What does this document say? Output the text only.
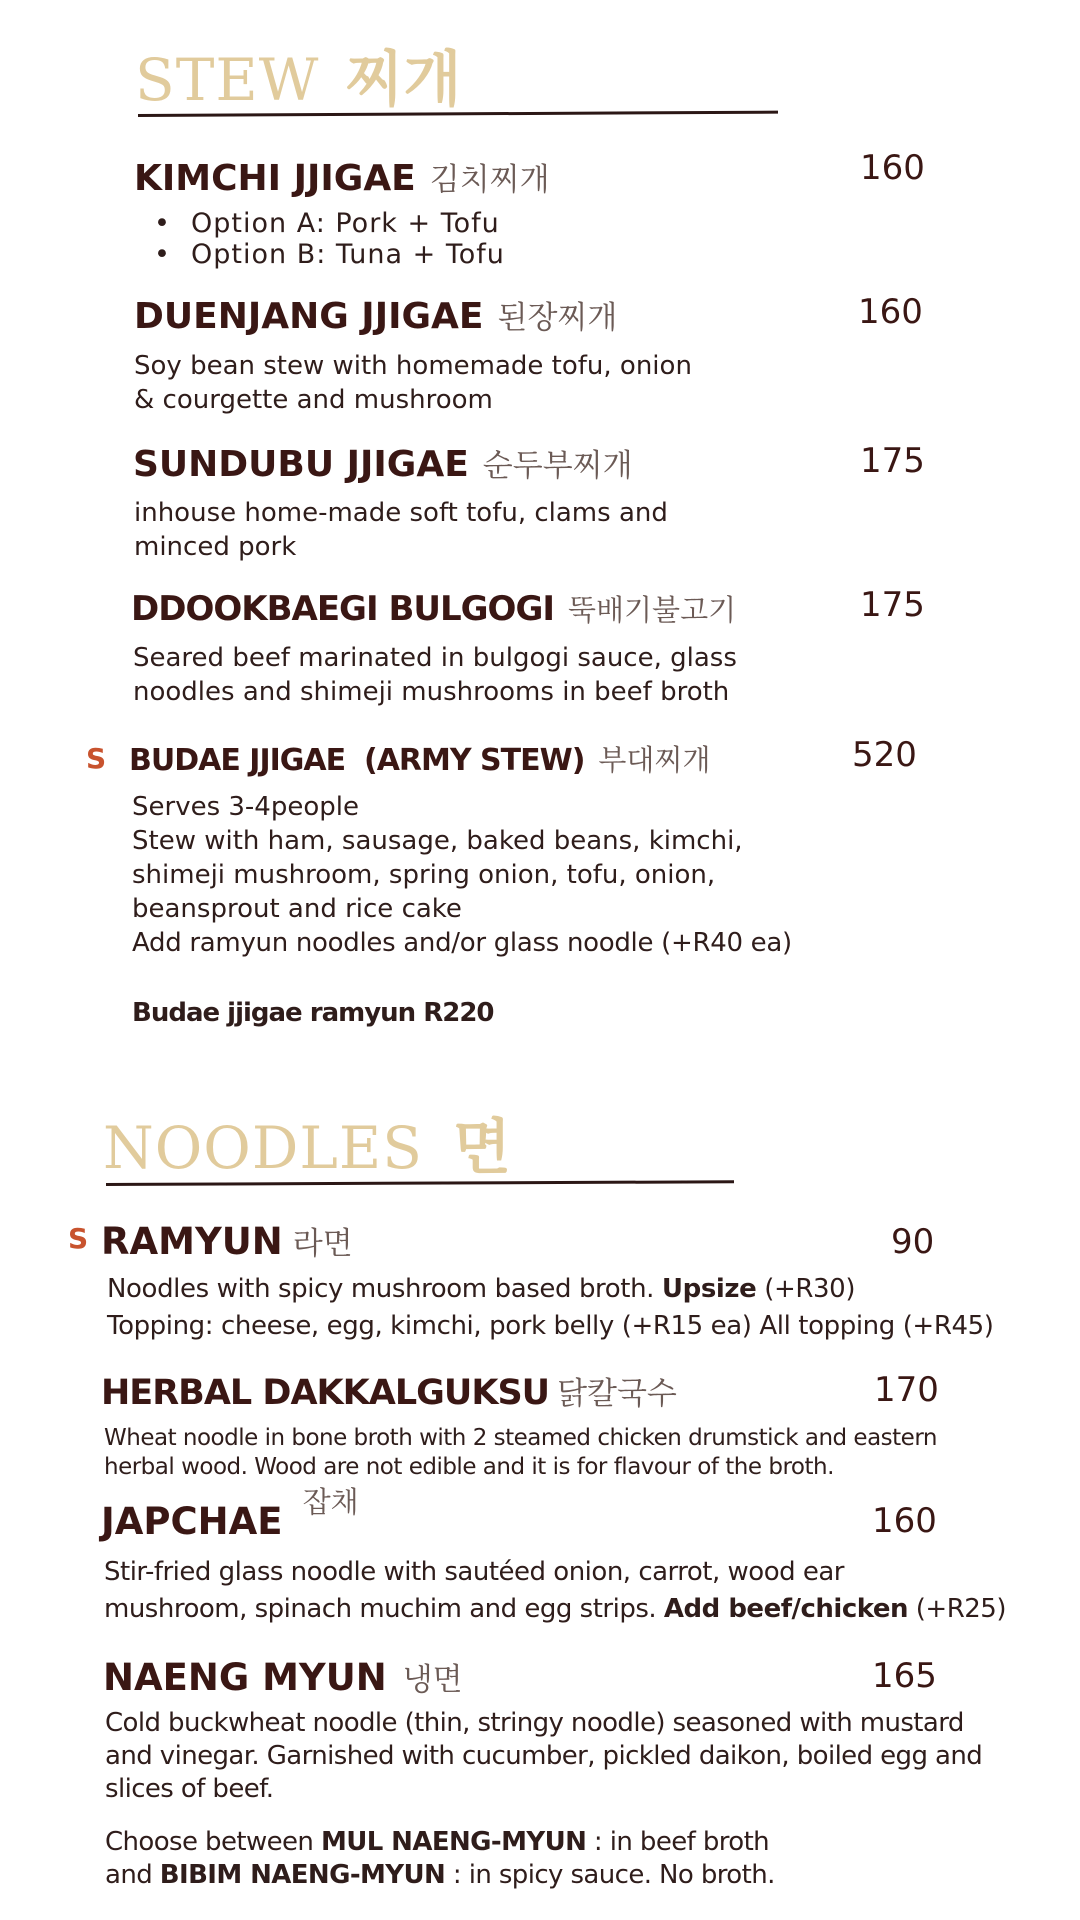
STEW 찌개
KIMCHI JJIGAE 김치찌개	160
• Option A: Pork + Tofu
• Option B: Tuna + Tofu
DUENJANG JJIGAE 된장찌개	160
Soy bean stew with homemade tofu, onion
& courgette and mushroom
SUNDUBU JJIGAE 순두부찌개	175
inhouse home-made soft tofu, clams and
minced pork
DDOOKBAEGI BULGOGI 뚝배기불고기	175
Seared beef marinated in bulgogi sauce, glass
noodles and shimeji mushrooms in beef broth
S BUDAE JJIGAE  (ARMY STEW) 부대찌개	520
Serves 3-4people
Stew with ham, sausage, baked beans, kimchi,
shimeji mushroom, spring onion, tofu, onion,
beansprout and rice cake
Add ramyun noodles and/or glass noodle (+R40 ea)
Budae jjigae ramyun R220
NOODLES 면
S RAMYUN 라면	90
Noodles with spicy mushroom based broth. Upsize (+R30)
Topping: cheese, egg, kimchi, pork belly (+R15 ea) All topping (+R45)
HERBAL DAKKALGUKSU 닭칼국수	170
Wheat noodle in bone broth with 2 steamed chicken drumstick and eastern
herbal wood. Wood are not edible and it is for flavour of the broth.
JAPCHAE $^{잡채}$	160
Stir-fried glass noodle with sautéed onion, carrot, wood ear
mushroom, spinach muchim and egg strips. Add beef/chicken (+R25)
NAENG MYUN 냉면	165
Cold buckwheat noodle (thin, stringy noodle) seasoned with mustard
and vinegar. Garnished with cucumber, pickled daikon, boiled egg and
slices of beef.
Choose between MUL NAENG-MYUN : in beef broth
and BIBIM NAENG-MYUN : in spicy sauce. No broth.
